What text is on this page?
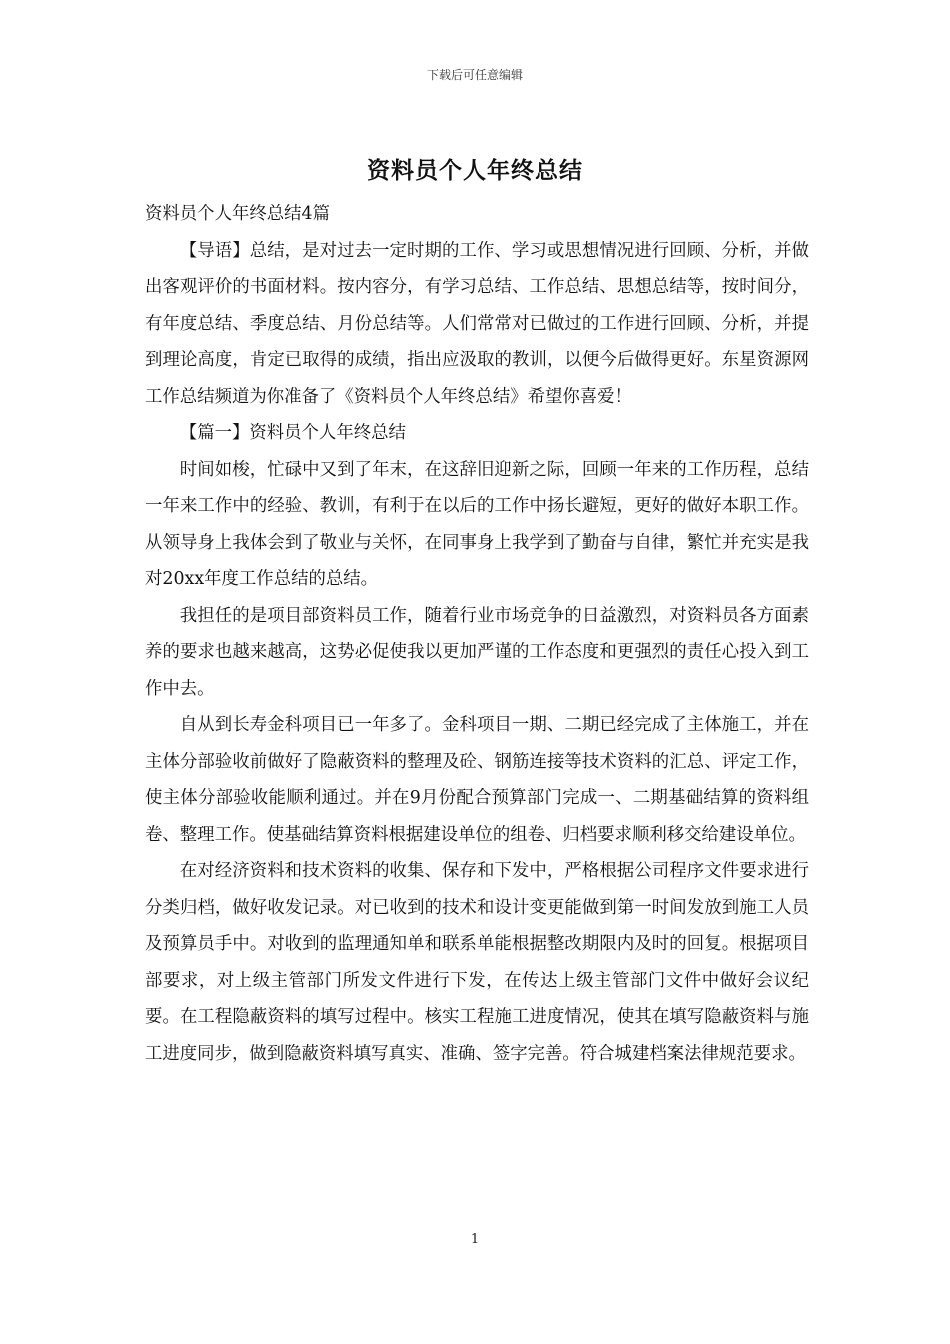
下载后可任意编辑
资料员个人年终总结

资料员个人年终总结4篇

【导语】总结，是对过去一定时期的工作、学习或思想情况进行回顾、分析，并做出客观评价的书面材料。按内容分，有学习总结、工作总结、思想总结等，按时间分，有年度总结、季度总结、月份总结等。人们常常对已做过的工作进行回顾、分析，并提到理论高度，肯定已取得的成绩，指出应汲取的教训，以便今后做得更好。东星资源网工作总结频道为你准备了《资料员个人年终总结》希望你喜爱！

【篇一】资料员个人年终总结

时间如梭，忙碌中又到了年末，在这辞旧迎新之际，回顾一年来的工作历程，总结一年来工作中的经验、教训，有利于在以后的工作中扬长避短，更好的做好本职工作。从领导身上我体会到了敬业与关怀，在同事身上我学到了勤奋与自律，繁忙并充实是我对20xx年度工作总结的总结。

我担任的是项目部资料员工作，随着行业市场竞争的日益激烈，对资料员各方面素养的要求也越来越高，这势必促使我以更加严谨的工作态度和更强烈的责任心投入到工作中去。

自从到长寿金科项目已一年多了。金科项目一期、二期已经完成了主体施工，并在主体分部验收前做好了隐蔽资料的整理及砼、钢筋连接等技术资料的汇总、评定工作，使主体分部验收能顺利通过。并在9月份配合预算部门完成一、二期基础结算的资料组卷、整理工作。使基础结算资料根据建设单位的组卷、归档要求顺利移交给建设单位。

在对经济资料和技术资料的收集、保存和下发中，严格根据公司程序文件要求进行分类归档，做好收发记录。对已收到的技术和设计变更能做到第一时间发放到施工人员及预算员手中。对收到的监理通知单和联系单能根据整改期限内及时的回复。根据项目部要求，对上级主管部门所发文件进行下发，在传达上级主管部门文件中做好会议纪要。在工程隐蔽资料的填写过程中。核实工程施工进度情况，使其在填写隐蔽资料与施工进度同步，做到隐蔽资料填写真实、准确、签字完善。符合城建档案法律规范要求。

1
